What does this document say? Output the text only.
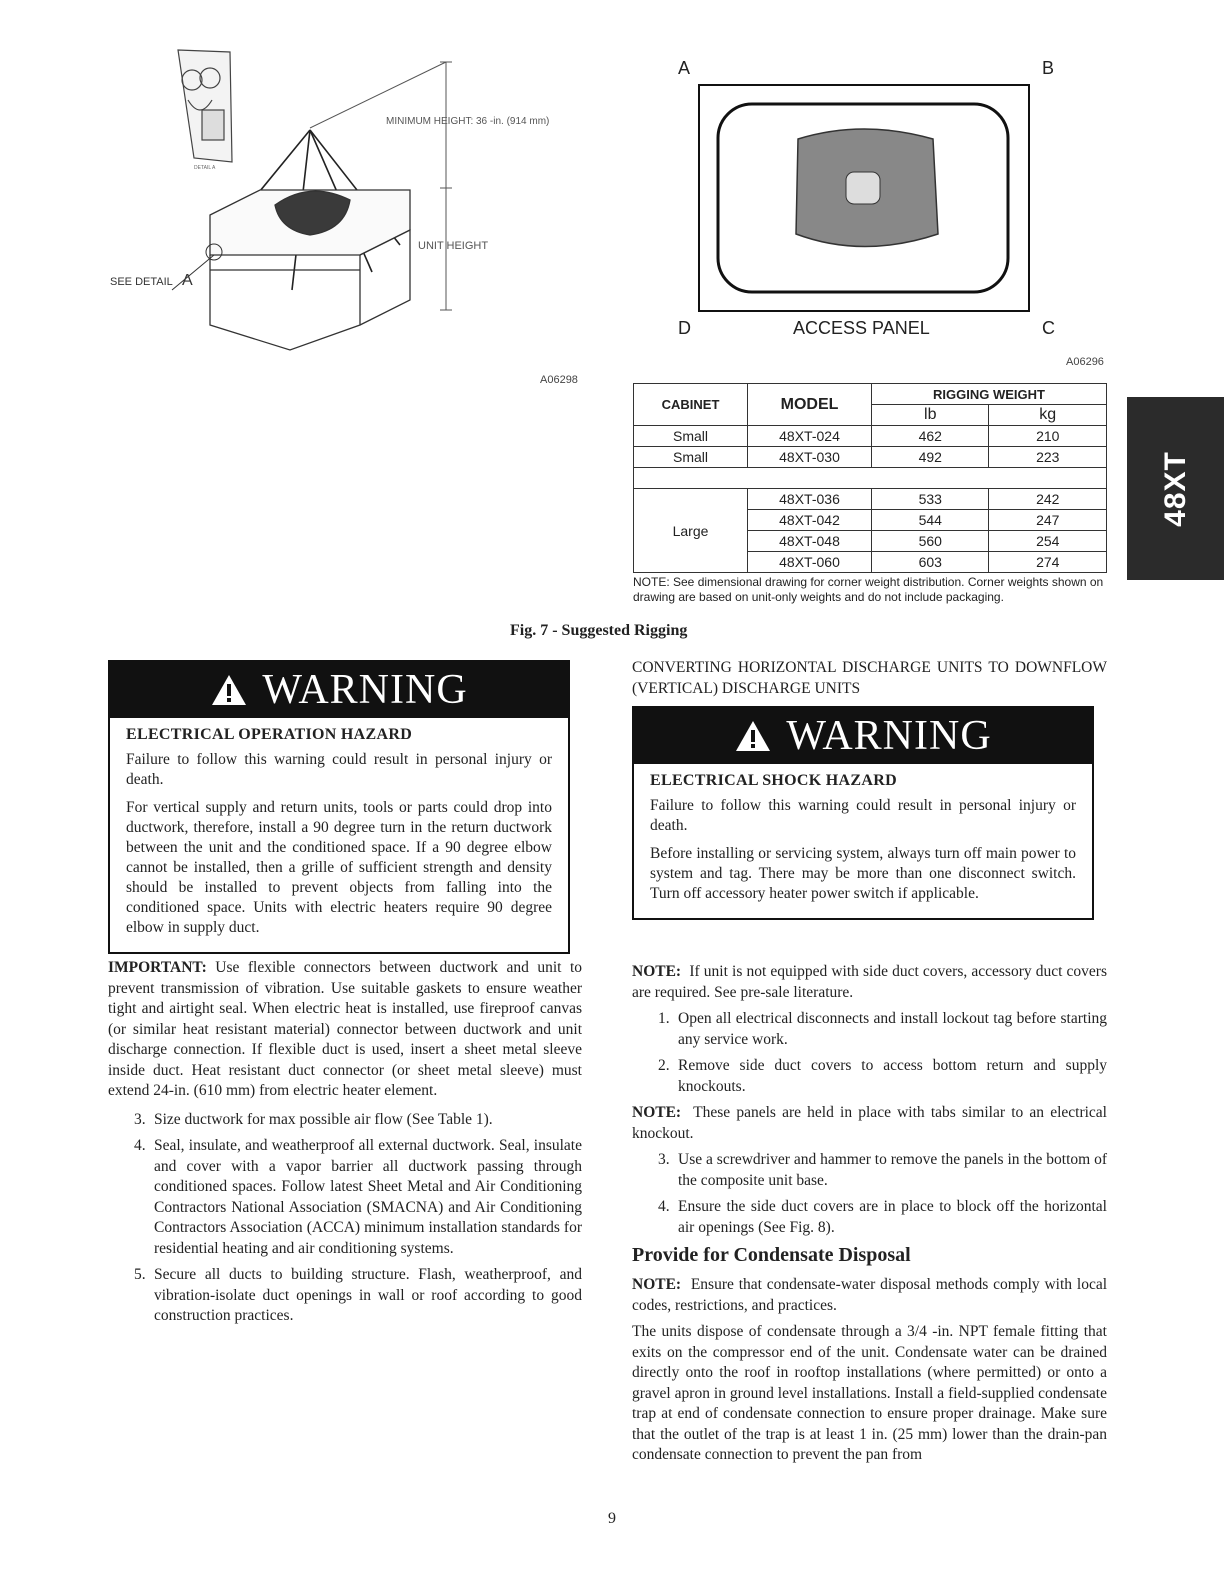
MINIMUM HEIGHT: 36 -in. (914 mm)
UNIT HEIGHT
DETAIL A
SEE DETAIL A
A06298
A	B
D	ACCESS PANEL	C
A06296
CABINET	MODEL	RIGGING WEIGHT	
		lb	kg
Small	48XT-024	462	210
Small	48XT-030	492	223

Large	48XT-036	533	242
	48XT-042	544	247
	48XT-048	560	254
	48XT-060	603	274
NOTE: See dimensional drawing for corner weight distribution. Corner weights shown on drawing are based on unit-only weights and do not include packaging.
Fig. 7 - Suggested Rigging
48XT
WARNING
ELECTRICAL OPERATION HAZARD

Failure to follow this warning could result in personal injury or death.

For vertical supply and return units, tools or parts could drop into ductwork, therefore, install a 90 degree turn in the return ductwork between the unit and the conditioned space. If a 90 degree elbow cannot be installed, then a grille of sufficient strength and density should be installed to prevent objects from falling into the conditioned space. Units with electric heaters require 90 degree elbow in supply duct.

IMPORTANT: Use flexible connectors between ductwork and unit to prevent transmission of vibration. Use suitable gaskets to ensure weather tight and airtight seal. When electric heat is installed, use fireproof canvas (or similar heat resistant material) connector between ductwork and unit discharge connection. If flexible duct is used, insert a sheet metal sleeve inside duct. Heat resistant duct connector (or sheet metal sleeve) must extend 24-in. (610 mm) from electric heater element.

3. Size ductwork for max possible air flow (See Table 1).
4. Seal, insulate, and weatherproof all external ductwork. Seal, insulate and cover with a vapor barrier all ductwork passing through conditioned spaces. Follow latest Sheet Metal and Air Conditioning Contractors National Association (SMACNA) and Air Conditioning Contractors Association (ACCA) minimum installation standards for residential heating and air conditioning systems.
5. Secure all ducts to building structure. Flash, weatherproof, and vibration-isolate duct openings in wall or roof according to good construction practices.
CONVERTING HORIZONTAL DISCHARGE UNITS TO DOWNFLOW (VERTICAL) DISCHARGE UNITS
WARNING
ELECTRICAL SHOCK HAZARD

Failure to follow this warning could result in personal injury or death.

Before installing or servicing system, always turn off main power to system and tag. There may be more than one disconnect switch. Turn off accessory heater power switch if applicable.

NOTE: If unit is not equipped with side duct covers, accessory duct covers are required. See pre-sale literature.

1. Open all electrical disconnects and install lockout tag before starting any service work.
2. Remove side duct covers to access bottom return and supply knockouts.

NOTE: These panels are held in place with tabs similar to an electrical knockout.

3. Use a screwdriver and hammer to remove the panels in the bottom of the composite unit base.
4. Ensure the side duct covers are in place to block off the horizontal air openings (See Fig. 8).
Provide for Condensate Disposal

NOTE: Ensure that condensate-water disposal methods comply with local codes, restrictions, and practices.

The units dispose of condensate through a 3/4 -in. NPT female fitting that exits on the compressor end of the unit. Condensate water can be drained directly onto the roof in rooftop installations (where permitted) or onto a gravel apron in ground level installations. Install a field-supplied condensate trap at end of condensate connection to ensure proper drainage. Make sure that the outlet of the trap is at least 1 in. (25 mm) lower than the drain-pan condensate connection to prevent the pan from

9
